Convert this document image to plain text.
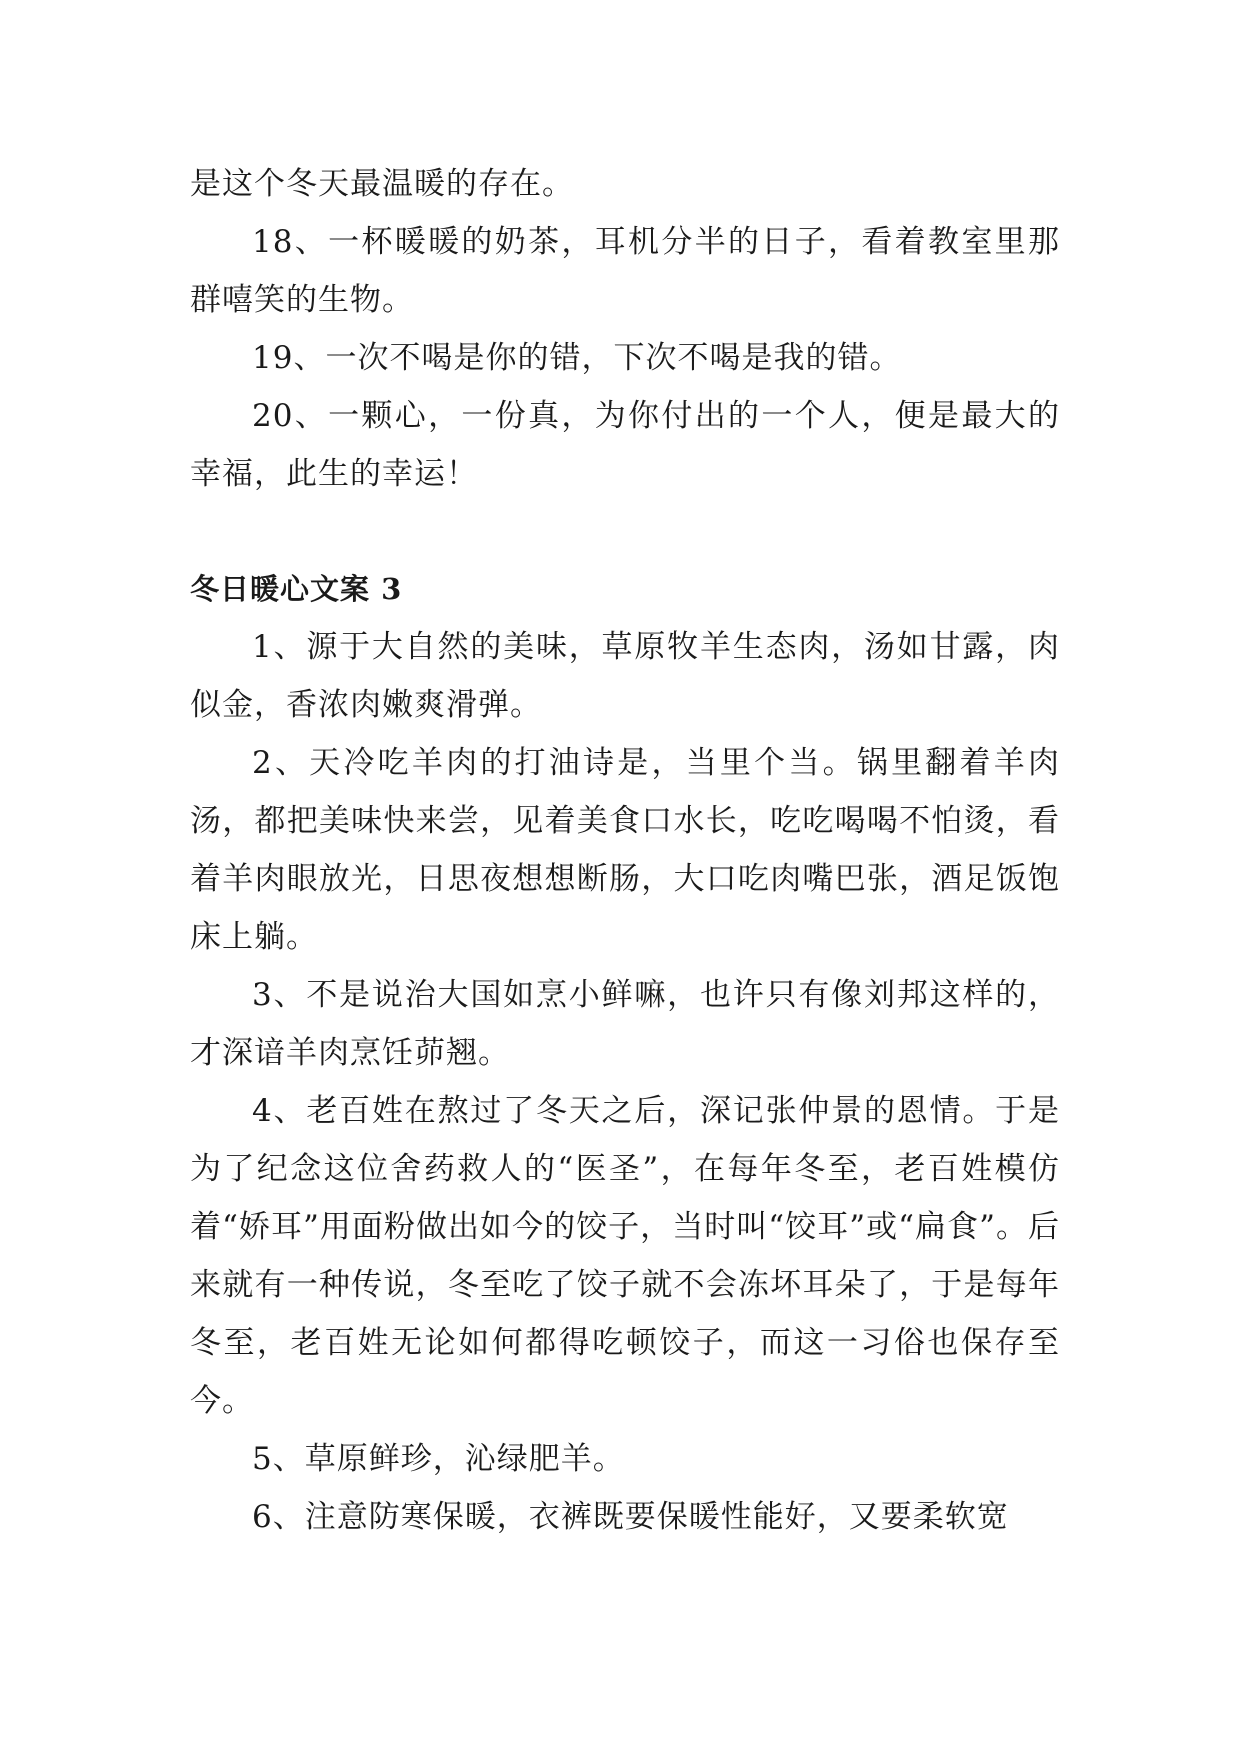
是这个冬天最温暖的存在。

18、一杯暖暖的奶茶，耳机分半的日子，看着教室里那群嘻笑的生物。

19、一次不喝是你的错，下次不喝是我的错。

20、一颗心，一份真，为你付出的一个人，便是最大的幸福，此生的幸运！

冬日暖心文案 3

1、源于大自然的美味，草原牧羊生态肉，汤如甘露，肉似金，香浓肉嫩爽滑弹。

2、天冷吃羊肉的打油诗是，当里个当。锅里翻着羊肉汤，都把美味快来尝，见着美食口水长，吃吃喝喝不怕烫，看着羊肉眼放光，日思夜想想断肠，大口吃肉嘴巴张，酒足饭饱床上躺。

3、不是说治大国如烹小鲜嘛，也许只有像刘邦这样的，才深谙羊肉烹饪茆翘。

4、老百姓在熬过了冬天之后，深记张仲景的恩情。于是为了纪念这位舍药救人的“医圣”，在每年冬至，老百姓模仿着“娇耳”用面粉做出如今的饺子，当时叫“饺耳”或“扁食”。后来就有一种传说，冬至吃了饺子就不会冻坏耳朵了，于是每年冬至，老百姓无论如何都得吃顿饺子，而这一习俗也保存至今。

5、草原鲜珍，沁绿肥羊。

6、注意防寒保暖，衣裤既要保暖性能好，又要柔软宽
